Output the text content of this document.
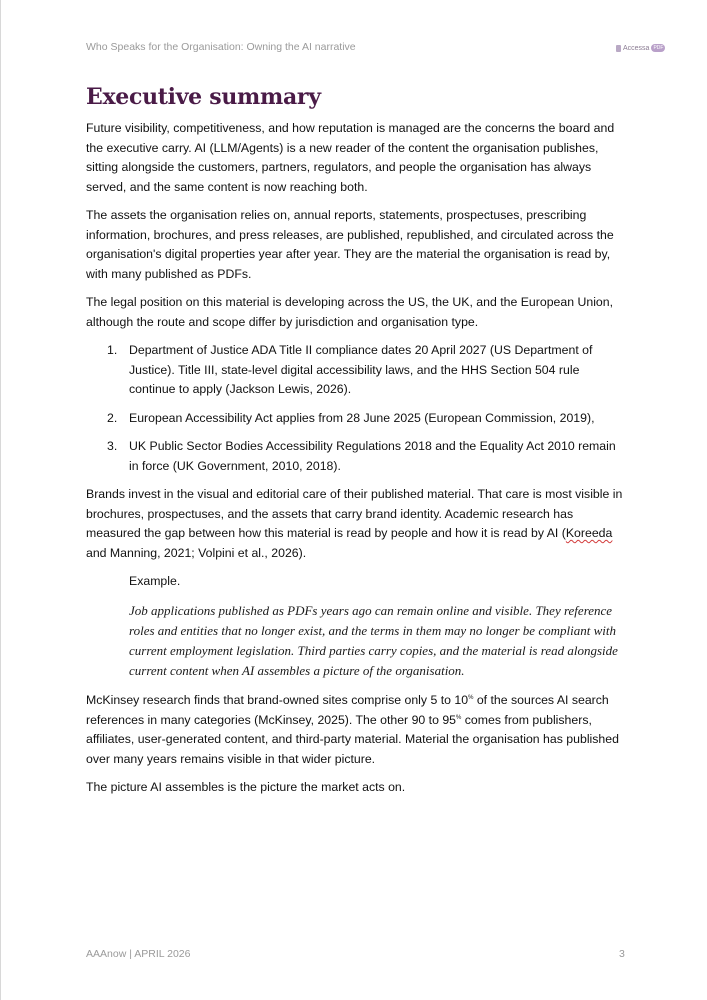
Who Speaks for the Organisation: Owning the AI narrative	Accessa PDF
Executive summary

Future visibility, competitiveness, and how reputation is managed are the concerns the board and the executive carry. AI (LLM/Agents) is a new reader of the content the organisation publishes, sitting alongside the customers, partners, regulators, and people the organisation has always served, and the same content is now reaching both.

The assets the organisation relies on, annual reports, statements, prospectuses, prescribing information, brochures, and press releases, are published, republished, and circulated across the organisation's digital properties year after year. They are the material the organisation is read by, with many published as PDFs.

The legal position on this material is developing across the US, the UK, and the European Union, although the route and scope differ by jurisdiction and organisation type.

1. Department of Justice ADA Title II compliance dates 20 April 2027 (US Department of Justice). Title III, state-level digital accessibility laws, and the HHS Section 504 rule continue to apply (Jackson Lewis, 2026).
2. European Accessibility Act applies from 28 June 2025 (European Commission, 2019),
3. UK Public Sector Bodies Accessibility Regulations 2018 and the Equality Act 2010 remain in force (UK Government, 2010, 2018).

Brands invest in the visual and editorial care of their published material. That care is most visible in brochures, prospectuses, and the assets that carry brand identity. Academic research has measured the gap between how this material is read by people and how it is read by AI (Koreeda and Manning, 2021; Volpini et al., 2026).

Example.

Job applications published as PDFs years ago can remain online and visible. They reference roles and entities that no longer exist, and the terms in them may no longer be compliant with current employment legislation. Third parties carry copies, and the material is read alongside current content when AI assembles a picture of the organisation.

McKinsey research finds that brand-owned sites comprise only 5 to 10% of the sources AI search references in many categories (McKinsey, 2025). The other 90 to 95% comes from publishers, affiliates, user-generated content, and third-party material. Material the organisation has published over many years remains visible in that wider picture.

The picture AI assembles is the picture the market acts on.

AAAnow | APRIL 2026	3
